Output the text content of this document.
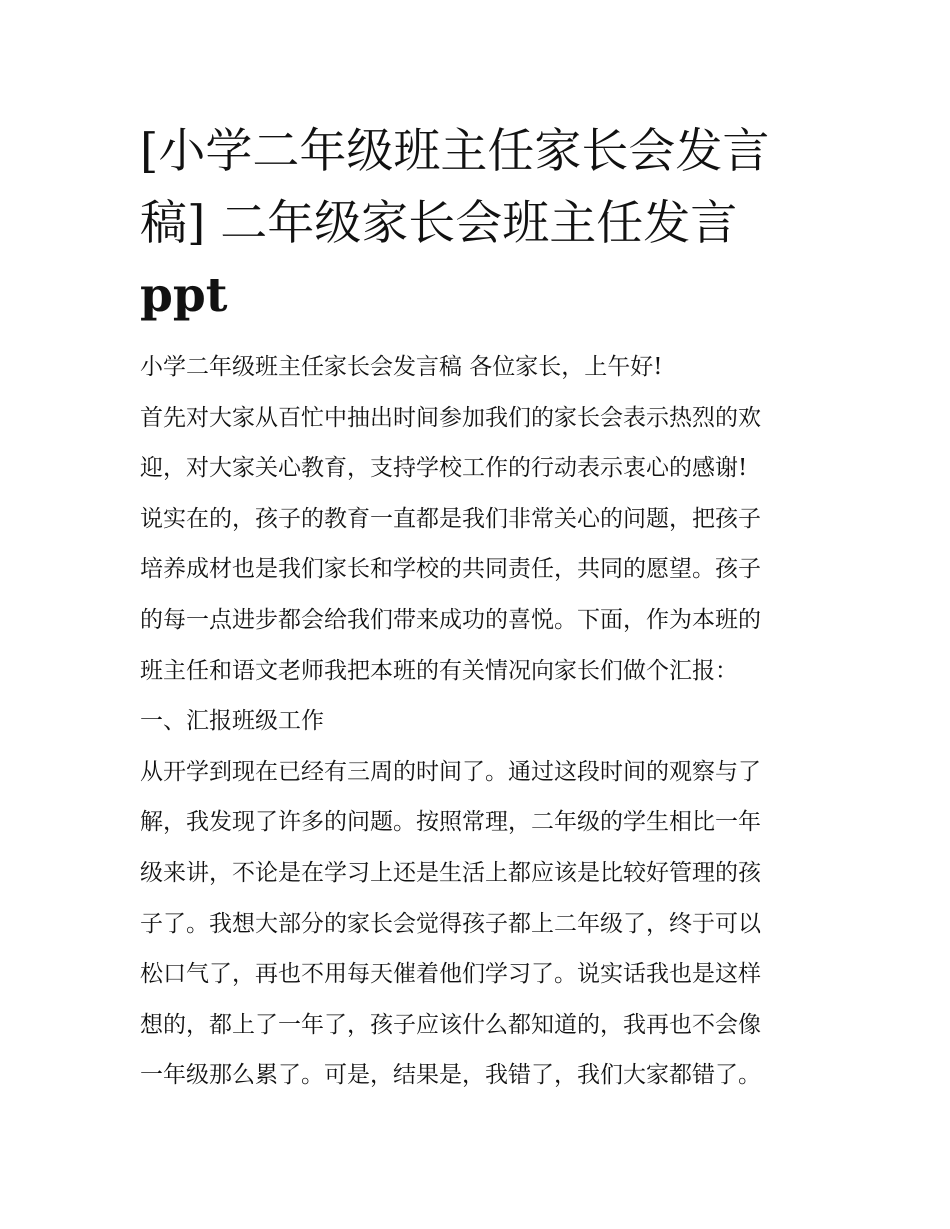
[小学二年级班主任家长会发言
稿] 二年级家长会班主任发言
ppt
小学二年级班主任家长会发言稿 各位家长，上午好!
首先对大家从百忙中抽出时间参加我们的家长会表示热烈的欢
迎，对大家关心教育，支持学校工作的行动表示衷心的感谢!
说实在的，孩子的教育一直都是我们非常关心的问题，把孩子
培养成材也是我们家长和学校的共同责任，共同的愿望。孩子
的每一点进步都会给我们带来成功的喜悦。下面，作为本班的
班主任和语文老师我把本班的有关情况向家长们做个汇报：
一、汇报班级工作
从开学到现在已经有三周的时间了。通过这段时间的观察与了
解，我发现了许多的问题。按照常理，二年级的学生相比一年
级来讲，不论是在学习上还是生活上都应该是比较好管理的孩
子了。我想大部分的家长会觉得孩子都上二年级了，终于可以
松口气了，再也不用每天催着他们学习了。说实话我也是这样
想的，都上了一年了，孩子应该什么都知道的，我再也不会像
一年级那么累了。可是，结果是，我错了，我们大家都错了。
